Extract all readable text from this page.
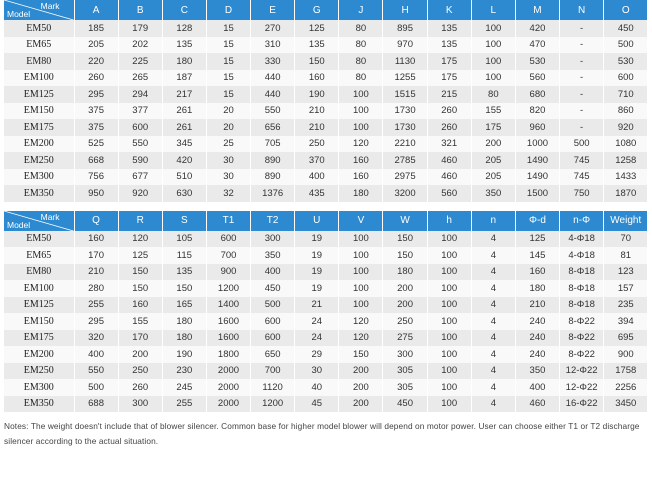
Mark
Model	A	B	C	D	E	G	J	H	K	L	M	N	O
EM50	185	179	128	15	270	125	80	895	135	100	420	-	450
EM65	205	202	135	15	310	135	80	970	135	100	470	-	500
EM80	220	225	180	15	330	150	80	1130	175	100	530	-	530
EM100	260	265	187	15	440	160	80	1255	175	100	560	-	600
EM125	295	294	217	15	440	190	100	1515	215	80	680	-	710
EM150	375	377	261	20	550	210	100	1730	260	155	820	-	860
EM175	375	600	261	20	656	210	100	1730	260	175	960	-	920
EM200	525	550	345	25	705	250	120	2210	321	200	1000	500	1080
EM250	668	590	420	30	890	370	160	2785	460	205	1490	745	1258
EM300	756	677	510	30	890	400	160	2975	460	205	1490	745	1433
EM350	950	920	630	32	1376	435	180	3200	560	350	1500	750	1870
Mark
Model	Q	R	S	T1	T2	U	V	W	h	n	Φ-d	n-Φ	Weight
EM50	160	120	105	600	300	19	100	150	100	4	125	4-Φ18	70
EM65	170	125	115	700	350	19	100	150	100	4	145	4-Φ18	81
EM80	210	150	135	900	400	19	100	180	100	4	160	8-Φ18	123
EM100	280	150	150	1200	450	19	100	200	100	4	180	8-Φ18	157
EM125	255	160	165	1400	500	21	100	200	100	4	210	8-Φ18	235
EM150	295	155	180	1600	600	24	120	250	100	4	240	8-Φ22	394
EM175	320	170	180	1600	600	24	120	275	100	4	240	8-Φ22	695
EM200	400	200	190	1800	650	29	150	300	100	4	240	8-Φ22	900
EM250	550	250	230	2000	700	30	200	305	100	4	350	12-Φ22	1758
EM300	500	260	245	2000	1120	40	200	305	100	4	400	12-Φ22	2256
EM350	688	300	255	2000	1200	45	200	450	100	4	460	16-Φ22	3450
Notes: The weight doesn't include that of blower silencer. Common base for higher model blower will depend on motor power. User can choose either T1 or T2 discharge silencer according to the actual situation.
